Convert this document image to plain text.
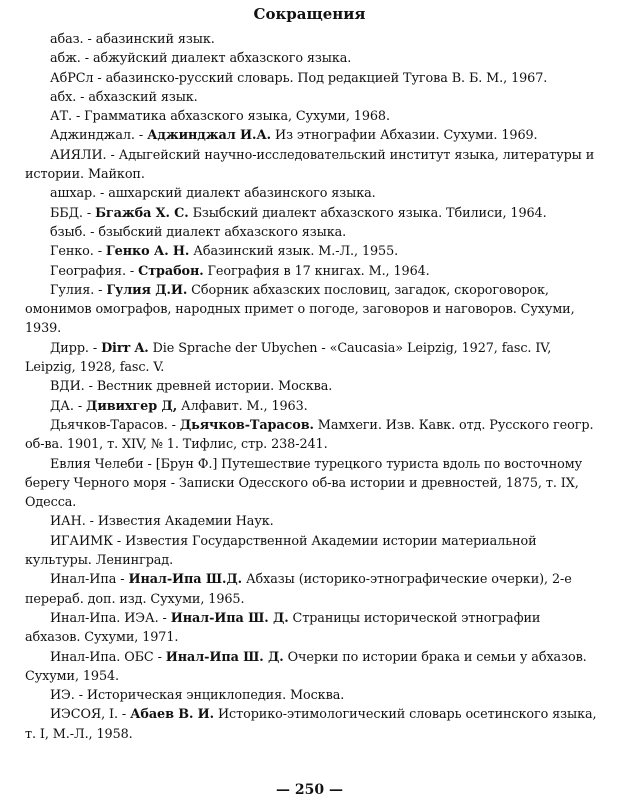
Сокращения

абаз. - абазинский язык.

абж. - абжуйский диалект абхазского языка.

АбРСл - абазинско-русский словарь. Под редакцией Тугова В. Б. М., 1967.

абх. - абхазский язык.

АТ. - Грамматика абхазского языка, Сухуми, 1968.

Аджинджал. - Аджинджал И.А. Из этнографии Абхазии. Сухуми. 1969.

АИЯЛИ. - Адыгейский научно-исследовательский институт языка, литературы и истории. Майкоп.

ашхар. - ашхарский диалект абазинского языка.

ББД. - Бгажба Х. С. Бзыбский диалект абхазского языка. Тбилиси, 1964.

бзыб. - бзыбский диалект абхазского языка.

Генко. - Генко А. Н. Абазинский язык. М.-Л., 1955.

География. - Страбон. География в 17 книгах. М., 1964.

Гулия. - Гулия Д.И. Сборник абхазских пословиц, загадок, скороговорок, омонимов омографов, народных примет о погоде, заговоров и наговоров. Сухуми, 1939.

Дирр. - Dirr A. Die Sprache der Ubychen - «Caucasia» Leipzig, 1927, fasc. IV, Leipzig, 1928, fasc. V.

ВДИ. - Вестник древней истории. Москва.

ДА. - Дивихгер Д, Алфавит. М., 1963.

Дьячков-Тарасов. - Дьячков-Тарасов. Мамхеги. Изв. Кавк. отд. Русского геогр. об-ва. 1901, т. XIV, № 1. Тифлис, стр. 238-241.

Евлия Челеби - [Брун Ф.] Путешествие турецкого туриста вдоль по восточному берегу Черного моря - Записки Одесского об-ва истории и древностей, 1875, т. IX, Одесса.

ИАН. - Известия Академии Наук.

ИГАИМК - Известия Государственной Академии истории материальной культуры. Ленинград.

Инал-Ипа - Инал-Ипа Ш.Д. Абхазы (историко-этнографические очерки), 2-е перераб. доп. изд. Сухуми, 1965.

Инал-Ипа. ИЭА. - Инал-Ипа Ш. Д. Страницы исторической этнографии абхазов. Сухуми, 1971.

Инал-Ипа. ОБС - Инал-Ипа Ш. Д. Очерки по истории брака и семьи у абхазов. Сухуми, 1954.

ИЭ. - Историческая энциклопедия. Москва.

ИЭСОЯ, I. - Абаев В. И. Историко-этимологический словарь осетинского языка, т. I, М.-Л., 1958.

— 250 —
